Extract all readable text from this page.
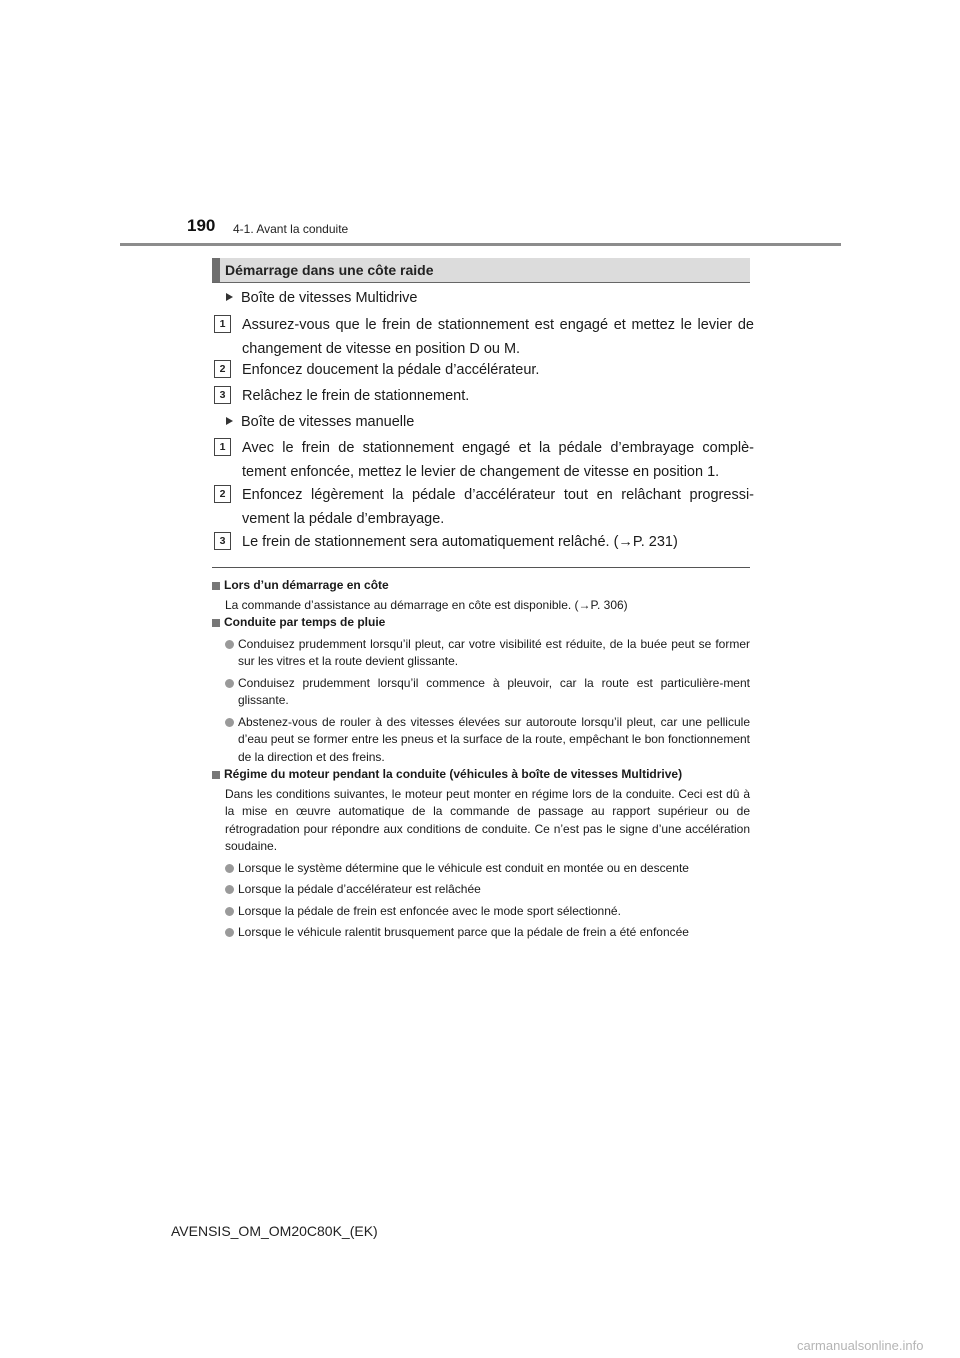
190 4-1. Avant la conduite
Démarrage dans une côte raide
Boîte de vitesses Multidrive
1	Assurez-vous que le frein de stationnement est engagé et mettez le levier de changement de vitesse en position D ou M.
2	Enfoncez doucement la pédale d’accélérateur.
3	Relâchez le frein de stationnement.
Boîte de vitesses manuelle
1	Avec le frein de stationnement engagé et la pédale d’embrayage complè-tement enfoncée, mettez le levier de changement de vitesse en position 1.
2	Enfoncez légèrement la pédale d’accélérateur tout en relâchant progressi-vement la pédale d’embrayage.
3	Le frein de stationnement sera automatiquement relâché. (→P. 231)
Lors d’un démarrage en côte
La commande d’assistance au démarrage en côte est disponible. (→P. 306)
Conduite par temps de pluie
Conduisez prudemment lorsqu’il pleut, car votre visibilité est réduite, de la buée peut se former sur les vitres et la route devient glissante.
Conduisez prudemment lorsqu’il commence à pleuvoir, car la route est particulière-ment glissante.
Abstenez-vous de rouler à des vitesses élevées sur autoroute lorsqu’il pleut, car une pellicule d’eau peut se former entre les pneus et la surface de la route, empêchant le bon fonctionnement de la direction et des freins.
Régime du moteur pendant la conduite (véhicules à boîte de vitesses Multidrive)
Dans les conditions suivantes, le moteur peut monter en régime lors de la conduite. Ceci est dû à la mise en œuvre automatique de la commande de passage au rapport supérieur ou de rétrogradation pour répondre aux conditions de conduite. Ce n’est pas le signe d’une accélération soudaine.
Lorsque le système détermine que le véhicule est conduit en montée ou en descente
Lorsque la pédale d’accélérateur est relâchée
Lorsque la pédale de frein est enfoncée avec le mode sport sélectionné.
Lorsque le véhicule ralentit brusquement parce que la pédale de frein a été enfoncée
AVENSIS_OM_OM20C80K_(EK)
carmanualsonline.info
